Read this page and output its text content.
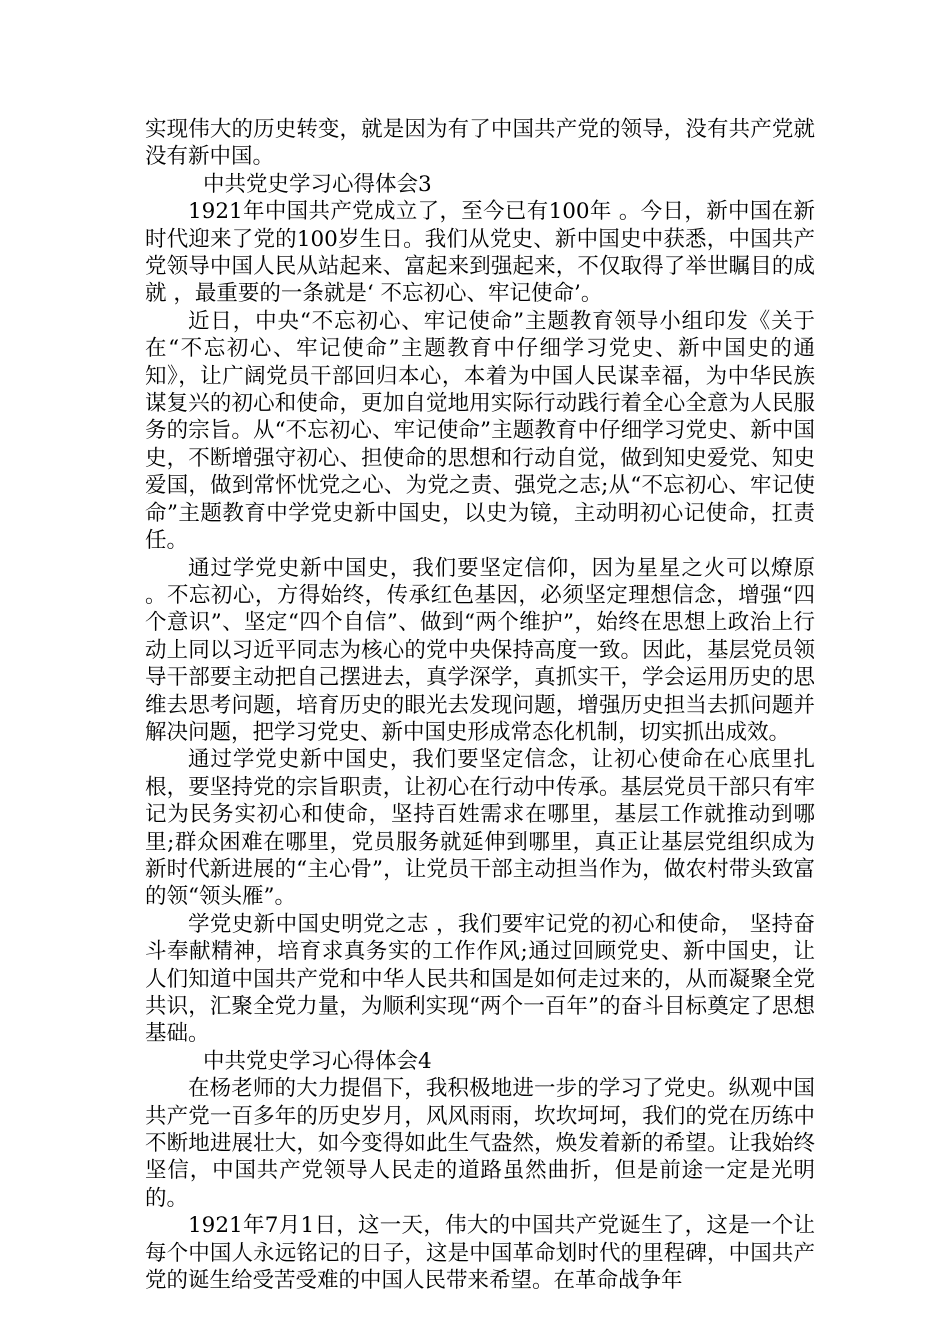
实现伟大的历史转变，就是因为有了中国共产党的领导，没有共产党就没有新中国。

中共党史学习心得体会3

1921年中国共产党成立了，至今已有100年 。今日，新中国在新时代迎来了党的100岁生日。我们从党史、新中国史中获悉，中国共产党领导中国人民从站起来、富起来到强起来，不仅取得了举世瞩目的成就 ，最重要的一条就是‘ 不忘初心、牢记使命’。

近日，中央“不忘初心、牢记使命”主题教育领导小组印发《关于在“不忘初心、牢记使命”主题教育中仔细学习党史、新中国史的通知》，让广阔党员干部回归本心，本着为中国人民谋幸福，为中华民族谋复兴的初心和使命，更加自觉地用实际行动践行着全心全意为人民服务的宗旨。从“不忘初心、牢记使命”主题教育中仔细学习党史、新中国史，不断增强守初心、担使命的思想和行动自觉，做到知史爱党、知史爱国，做到常怀忧党之心、为党之责、强党之志;从“不忘初心、牢记使命”主题教育中学党史新中国史，以史为镜，主动明初心记使命，扛责任。

通过学党史新中国史，我们要坚定信仰，因为星星之火可以燎原 。不忘初心，方得始终，传承红色基因，必须坚定理想信念，增强“四个意识”、坚定“四个自信”、做到“两个维护”，始终在思想上政治上行动上同以习近平同志为核心的党中央保持高度一致。因此，基层党员领导干部要主动把自己摆进去，真学深学，真抓实干，学会运用历史的思维去思考问题，培育历史的眼光去发现问题，增强历史担当去抓问题并解决问题，把学习党史、新中国史形成常态化机制，切实抓出成效。

通过学党史新中国史，我们要坚定信念，让初心使命在心底里扎根，要坚持党的宗旨职责，让初心在行动中传承。基层党员干部只有牢记为民务实初心和使命，坚持百姓需求在哪里，基层工作就推动到哪里;群众困难在哪里，党员服务就延伸到哪里，真正让基层党组织成为新时代新进展的“主心骨”，让党员干部主动担当作为，做农村带头致富的领“领头雁”。

学党史新中国史明党之志 ，我们要牢记党的初心和使命， 坚持奋斗奉献精神，培育求真务实的工作作风;通过回顾党史、新中国史，让人们知道中国共产党和中华人民共和国是如何走过来的，从而凝聚全党共识，汇聚全党力量，为顺利实现“两个一百年”的奋斗目标奠定了思想基础。

中共党史学习心得体会4

在杨老师的大力提倡下，我积极地进一步的学习了党史。纵观中国共产党一百多年的历史岁月，风风雨雨，坎坎坷坷，我们的党在历练中不断地进展壮大，如今变得如此生气盎然，焕发着新的希望。让我始终坚信，中国共产党领导人民走的道路虽然曲折，但是前途一定是光明的。

1921年7月1日，这一天，伟大的中国共产党诞生了，这是一个让每个中国人永远铭记的日子，这是中国革命划时代的里程碑，中国共产党的诞生给受苦受难的中国人民带来希望。在革命战争年
